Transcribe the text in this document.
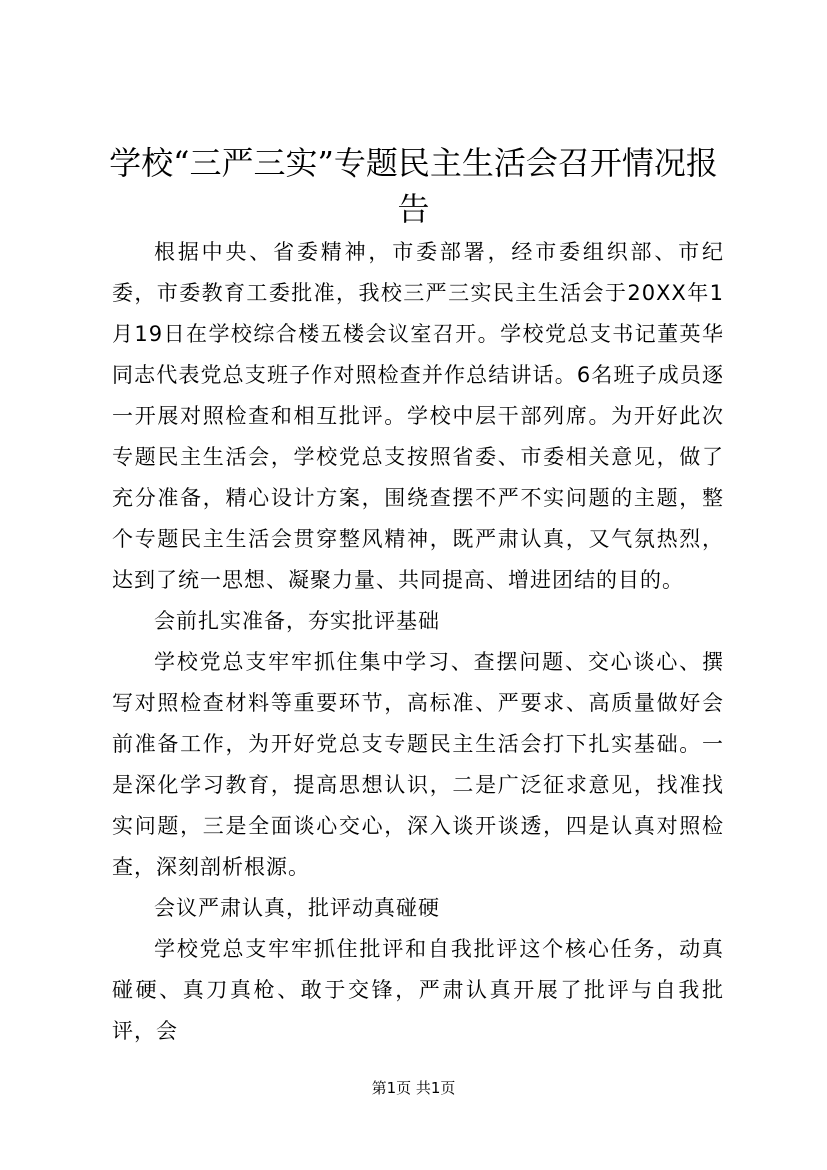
学校“三严三实”专题民主生活会召开情况报告

根据中央、省委精神，市委部署，经市委组织部、市纪委，市委教育工委批准，我校三严三实民主生活会于20XX年1月19日在学校综合楼五楼会议室召开。学校党总支书记董英华同志代表党总支班子作对照检查并作总结讲话。6名班子成员逐一开展对照检查和相互批评。学校中层干部列席。为开好此次专题民主生活会，学校党总支按照省委、市委相关意见，做了充分准备，精心设计方案，围绕查摆不严不实问题的主题，整个专题民主生活会贯穿整风精神，既严肃认真，又气氛热烈，达到了统一思想、凝聚力量、共同提高、增进团结的目的。

会前扎实准备，夯实批评基础

学校党总支牢牢抓住集中学习、查摆问题、交心谈心、撰写对照检查材料等重要环节，高标准、严要求、高质量做好会前准备工作，为开好党总支专题民主生活会打下扎实基础。一是深化学习教育，提高思想认识，二是广泛征求意见，找准找实问题，三是全面谈心交心，深入谈开谈透，四是认真对照检查，深刻剖析根源。

会议严肃认真，批评动真碰硬

学校党总支牢牢抓住批评和自我批评这个核心任务，动真碰硬、真刀真枪、敢于交锋，严肃认真开展了批评与自我批评，会

第1页 共1页
